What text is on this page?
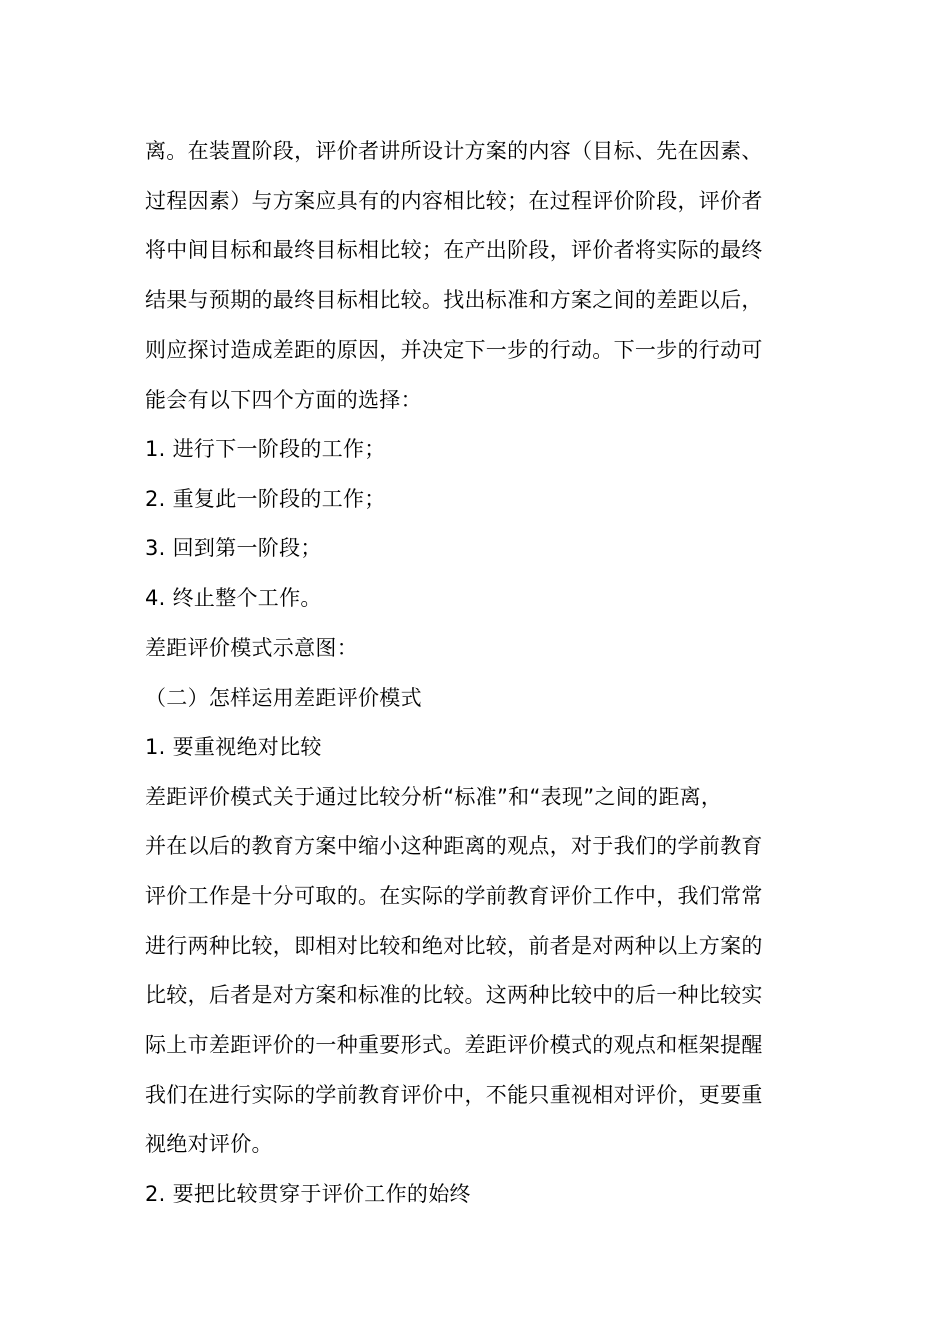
离。在装置阶段，评价者讲所设计方案的内容（目标、先在因素、
过程因素）与方案应具有的内容相比较；在过程评价阶段，评价者
将中间目标和最终目标相比较；在产出阶段，评价者将实际的最终
结果与预期的最终目标相比较。找出标准和方案之间的差距以后，
则应探讨造成差距的原因，并决定下一步的行动。下一步的行动可
能会有以下四个方面的选择：
1. 进行下一阶段的工作；
2. 重复此一阶段的工作；
3. 回到第一阶段；
4. 终止整个工作。
差距评价模式示意图：
（二）怎样运用差距评价模式
1. 要重视绝对比较
差距评价模式关于通过比较分析“标准”和“表现”之间的距离，
并在以后的教育方案中缩小这种距离的观点，对于我们的学前教育
评价工作是十分可取的。在实际的学前教育评价工作中，我们常常
进行两种比较，即相对比较和绝对比较，前者是对两种以上方案的
比较，后者是对方案和标准的比较。这两种比较中的后一种比较实
际上市差距评价的一种重要形式。差距评价模式的观点和框架提醒
我们在进行实际的学前教育评价中，不能只重视相对评价，更要重
视绝对评价。
2. 要把比较贯穿于评价工作的始终
